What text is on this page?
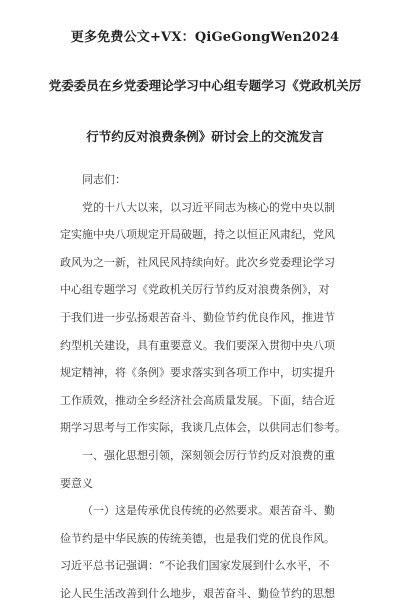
更多免费公文+VX：QiGeGongWen2024
党委委员在乡党委理论学习中心组专题学习《党政机关厉
行节约反对浪费条例》研讨会上的交流发言
同志们：
党的十八大以来，以习近平同志为核心的党中央以制
定实施中央八项规定开局破题，持之以恒正风肃纪，党风
政风为之一新，社风民风持续向好。此次乡党委理论学习
中心组专题学习《党政机关厉行节约反对浪费条例》，对
于我们进一步弘扬艰苦奋斗、勤俭节约优良作风，推进节
约型机关建设，具有重要意义。我们要深入贯彻中央八项
规定精神，将《条例》要求落实到各项工作中，切实提升
工作质效，推动全乡经济社会高质量发展。下面，结合近
期学习思考与工作实际，我谈几点体会，以供同志们参考。
一、强化思想引领，深刻领会厉行节约反对浪费的重
要意义
（一）这是传承优良传统的必然要求。艰苦奋斗、勤
俭节约是中华民族的传统美德，也是我们党的优良作风。
习近平总书记强调：“不论我们国家发展到什么水平，不
论人民生活改善到什么地步，艰苦奋斗、勤俭节约的思想
